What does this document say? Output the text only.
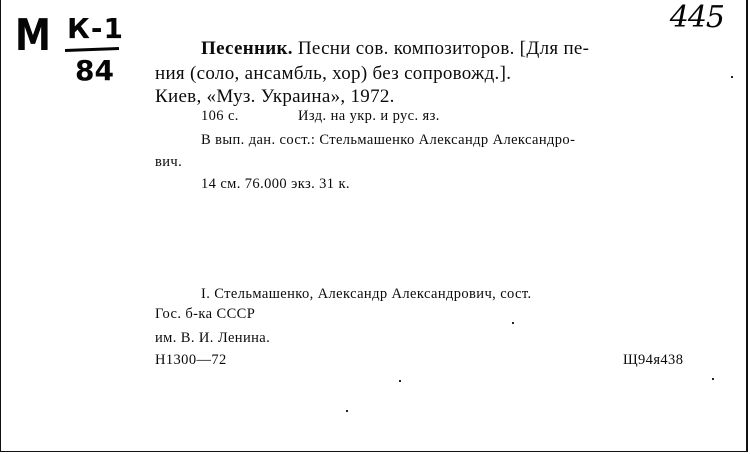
М К-1
84
445
Песенник. Песни сов. композиторов. [Для пе-
ния (соло, ансамбль, хор) без сопровожд.].
Киев, «Муз. Украина», 1972.
106 с.	Изд. на укр. и рус. яз.
В вып. дан. сост.: Стельмашенко Александр Александро-
вич.
14 см. 76.000 экз. 31 к.
I. Стельмашенко, Александр Александрович, сост.
Гос. б-ка СССР
им. В. И. Ленина.
Н1300—72	Щ94я438
